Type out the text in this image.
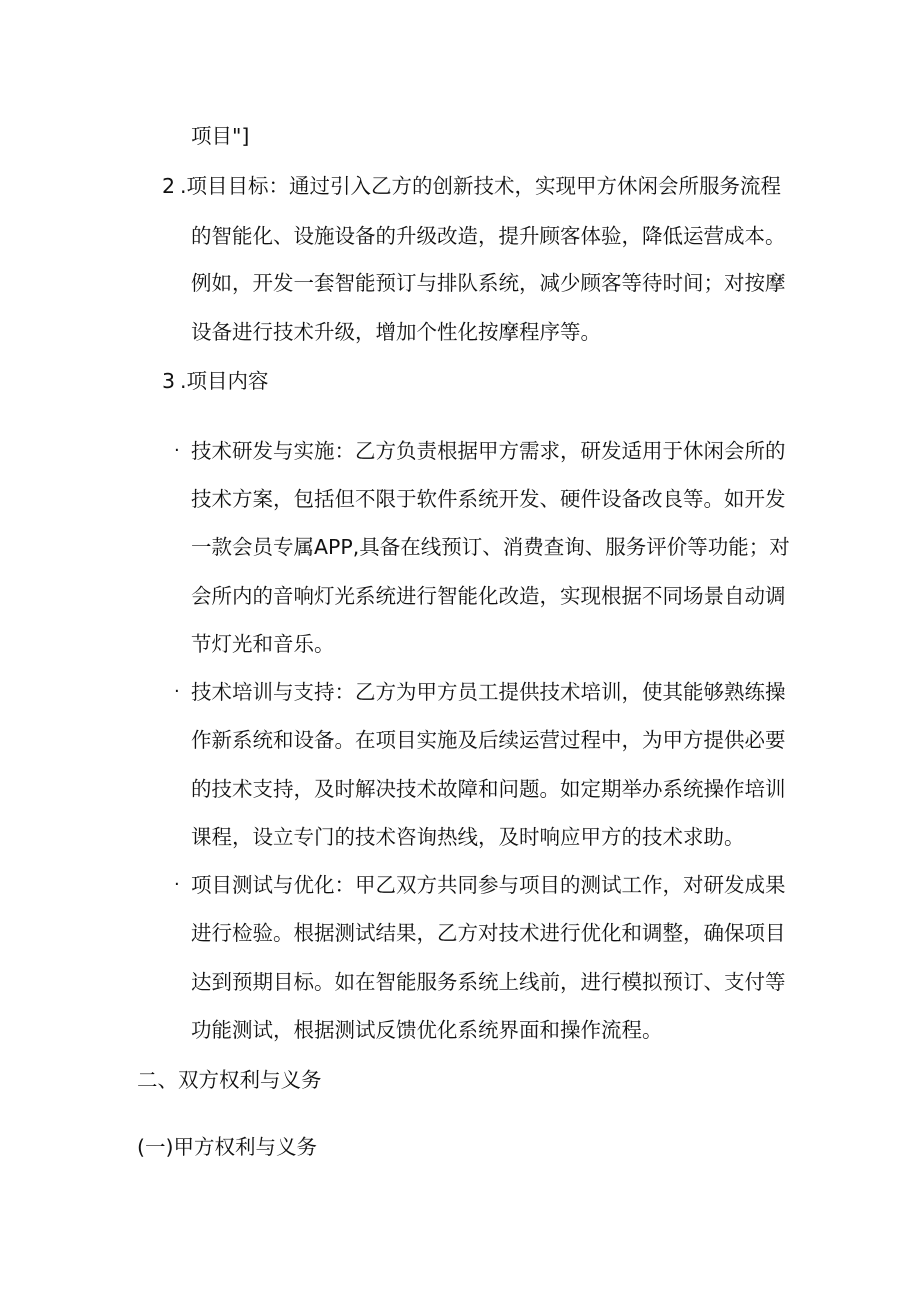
项目"]
2 .项目目标：通过引入乙方的创新技术，实现甲方休闲会所服务流程
的智能化、设施设备的升级改造，提升顾客体验，降低运营成本。
例如，开发一套智能预订与排队系统，减少顾客等待时间；对按摩
设备进行技术升级，增加个性化按摩程序等。
3 .项目内容
· 技术研发与实施：乙方负责根据甲方需求，研发适用于休闲会所的
技术方案，包括但不限于软件系统开发、硬件设备改良等。如开发
一款会员专属APP,具备在线预订、消费查询、服务评价等功能；对
会所内的音响灯光系统进行智能化改造，实现根据不同场景自动调
节灯光和音乐。
· 技术培训与支持：乙方为甲方员工提供技术培训，使其能够熟练操
作新系统和设备。在项目实施及后续运营过程中，为甲方提供必要
的技术支持，及时解决技术故障和问题。如定期举办系统操作培训
课程，设立专门的技术咨询热线，及时响应甲方的技术求助。
· 项目测试与优化：甲乙双方共同参与项目的测试工作，对研发成果
进行检验。根据测试结果，乙方对技术进行优化和调整，确保项目
达到预期目标。如在智能服务系统上线前，进行模拟预订、支付等
功能测试，根据测试反馈优化系统界面和操作流程。
二、双方权利与义务
(一)甲方权利与义务
